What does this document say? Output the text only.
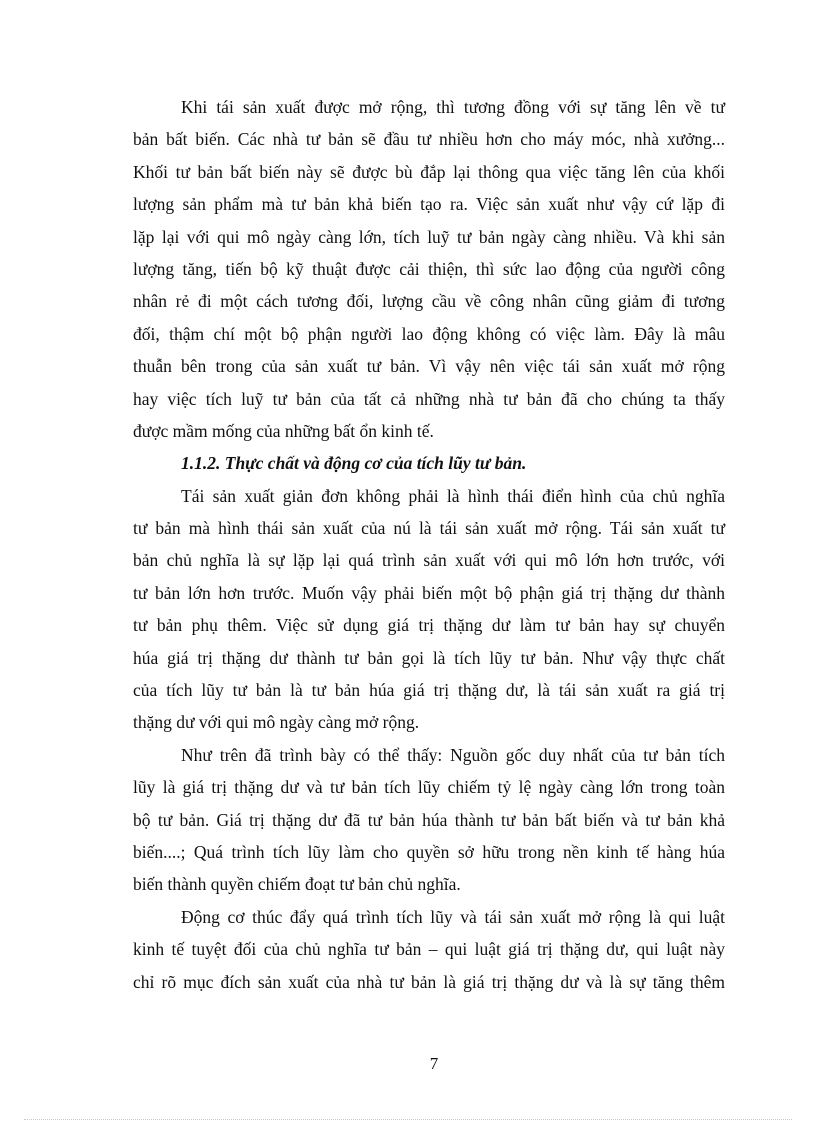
Khi tái sản xuất được mở rộng, thì tương đồng với sự tăng lên về tư
bản bất biến. Các nhà tư bản sẽ đầu tư nhiều hơn cho máy móc, nhà xưởng...
Khối tư bản bất biến này sẽ được bù đắp lại thông qua việc tăng lên của khối
lượng sản phẩm mà tư bản khả biến tạo ra. Việc sản xuất như vậy cứ lặp đi
lặp lại với qui mô ngày càng lớn, tích luỹ tư bản ngày càng nhiều. Và khi sản
lượng tăng, tiến bộ kỹ thuật được cải thiện, thì sức lao động của người công
nhân rẻ đi một cách tương đối, lượng cầu về công nhân cũng giảm đi tương
đối, thậm chí một bộ phận người lao động không có việc làm. Đây là mâu
thuẫn bên trong của sản xuất tư bản. Vì vậy nên việc tái sản xuất mở rộng
hay việc tích luỹ tư bản của tất cả những nhà tư bản đã cho chúng ta thấy
được mầm mống của những bất ổn kinh tế.
1.1.2. Thực chất và động cơ của tích lũy tư bản.
Tái sản xuất giản đơn không phải là hình thái điển hình của chủ nghĩa
tư bản mà hình thái sản xuất của nú là tái sản xuất mở rộng. Tái sản xuất tư
bản chủ nghĩa là sự lặp lại quá trình sản xuất với qui mô lớn hơn trước, với
tư bản lớn hơn trước. Muốn vậy phải biến một bộ phận giá trị thặng dư thành
tư bản phụ thêm. Việc sử dụng giá trị thặng dư làm tư bản hay sự chuyển
húa giá trị thặng dư thành tư bản gọi là tích lũy tư bản. Như vậy thực chất
của tích lũy tư bản là tư bản húa giá trị thặng dư, là tái sản xuất ra giá trị
thặng dư với qui mô ngày càng mở rộng.
Như trên đã trình bày có thể thấy: Nguồn gốc duy nhất của tư bản tích
lũy là giá trị thặng dư và tư bản tích lũy chiếm tỷ lệ ngày càng lớn trong toàn
bộ tư bản. Giá trị thặng dư đã tư bản húa thành tư bản bất biến và tư bản khả
biến....; Quá trình tích lũy làm cho quyền sở hữu trong nền kinh tế hàng húa
biến thành quyền chiếm đoạt tư bản chủ nghĩa.
Động cơ thúc đẩy quá trình tích lũy và tái sản xuất mở rộng là qui luật
kinh tế tuyệt đối của chủ nghĩa tư bản – qui luật giá trị thặng dư, qui luật này
chỉ rõ mục đích sản xuất của nhà tư bản là giá trị thặng dư và là sự tăng thêm
7
